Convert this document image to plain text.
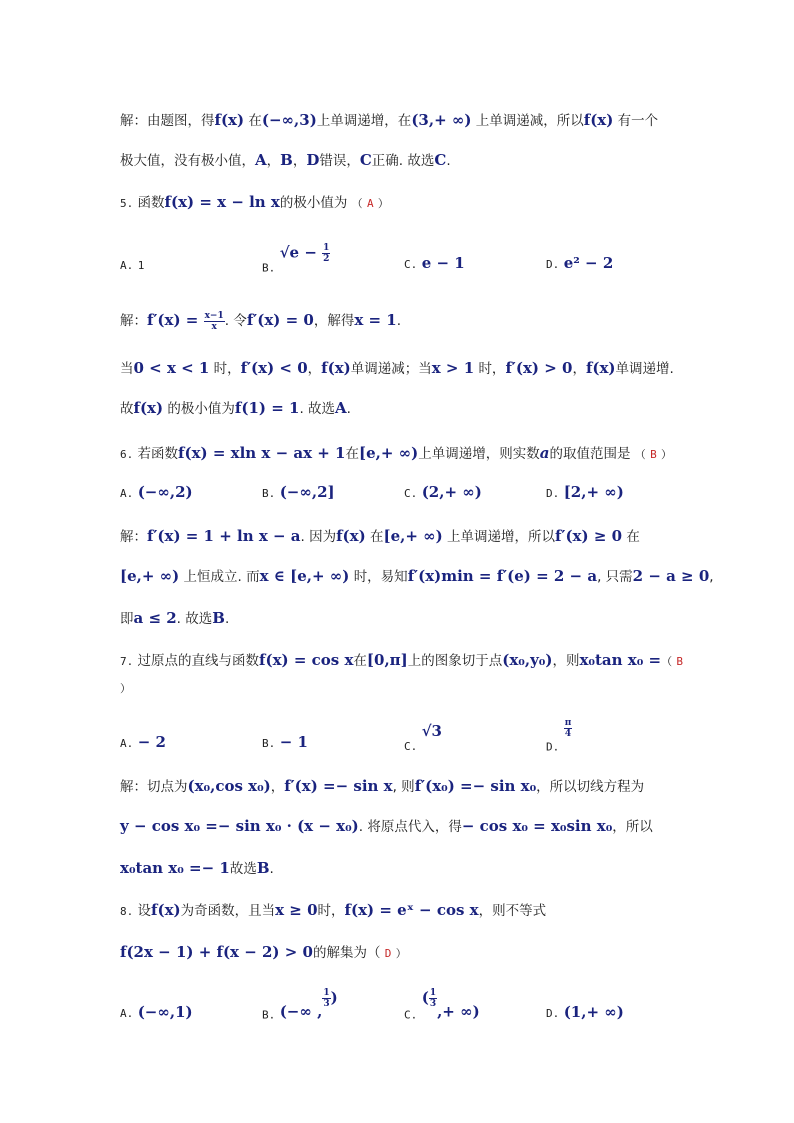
解：由题图，得f(x) 在(−∞,3)上单调递增，在(3,+ ∞) 上单调递减，所以f(x) 有一个
极大值，没有极小值，A，B，D错误，C正确. 故选C.
5. 函数f(x) = x − ln x的极小值为 （ A ）
A. 1	$_{B.}$ $√e - \frac{1}{2}$
C. e − 1	D. e² − 2
解：$f'(x) = \frac{x-1}{x}$ . 令f′(x) = 0，解得x = 1.
当0 < x < 1 时，f′(x) < 0，f(x)单调递减；当x > 1 时，f′(x) > 0，f(x)单调递增.
故f(x) 的极小值为f(1) = 1. 故选A.
6. 若函数f(x) = xln x − ax + 1在[e,+ ∞)上单调递增，则实数a的取值范围是 （ B ）
A. (−∞,2)	B. (−∞,2]	C. (2,+ ∞)	D. [2,+ ∞)
解：f′(x) = 1 + ln x − a. 因为f(x) 在[e,+ ∞) 上单调递增，所以f′(x) ≥ 0 在
[e,+ ∞) 上恒成立. 而x ∈ [e,+ ∞) 时，易知f′(x)min = f′(e) = 2 − a, 只需2 − a ≥ 0,
即a ≤ 2. 故选B.
7. 过原点的直线与函数f(x) = cos x在[0,π]上的图象切于点(x₀,y₀)，则x₀tan x₀ =（ B
）
A. − 2	B. − 1	$_{C.}$ √3
$_{D.}$
$\frac{\pi}{4}$
解：切点为(x₀,cos x₀)，f′(x) =− sin x, 则f′(x₀) =− sin x₀，所以切线方程为
y − cos x₀ =− sin x₀ · (x − x₀). 将原点代入，得− cos x₀ = x₀sin x₀，所以
x₀tan x₀ =− 1故选B.
8. 设f(x)为奇函数，且当x ≥ 0时，f(x) = eˣ − cos x，则不等式
f(2x − 1) + f(x − 2) > 0的解集为（ D ）
A. (−∞,1)	$_{B.}$ (−∞ ,
$\frac{1}{3}$ )
$_{C.}$ ( $\frac{1}{3}$
,+ ∞)	D. (1,+ ∞)
